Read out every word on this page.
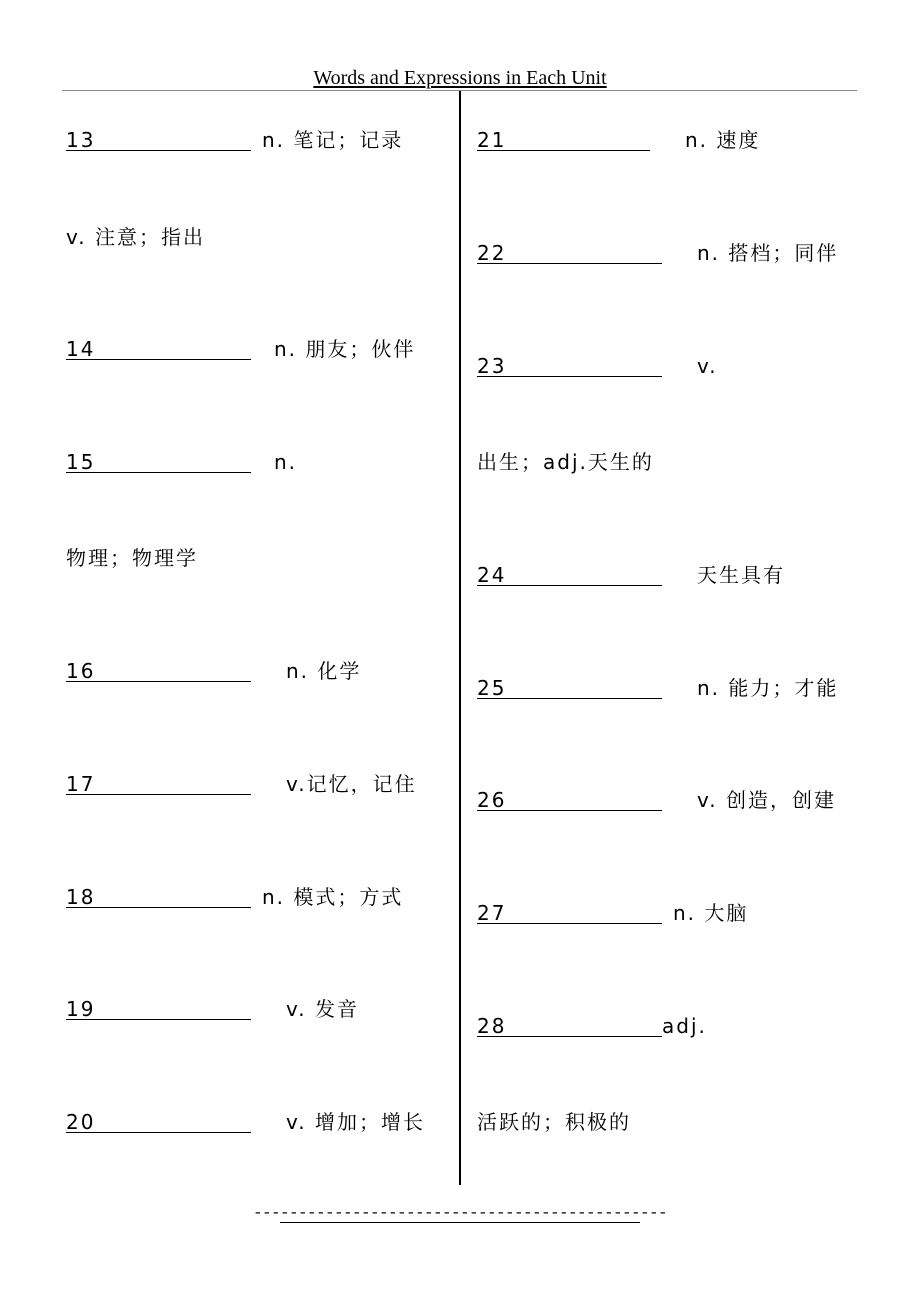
Words and Expressions in Each Unit
13	n. 笔记；记录
v. 注意；指出
14	n. 朋友；伙伴
15	n.
物理；物理学
16	n. 化学
17	v.记忆，记住
18	n. 模式；方式
19	v. 发音
20	v. 增加；增长
21	n. 速度
22	n. 搭档；同伴
23	v.
出生；adj.天生的
24	天生具有
25	n. 能力；才能
26	v. 创造，创建
27	n. 大脑
28	adj.
活跃的；积极的
----------------------------------------------
